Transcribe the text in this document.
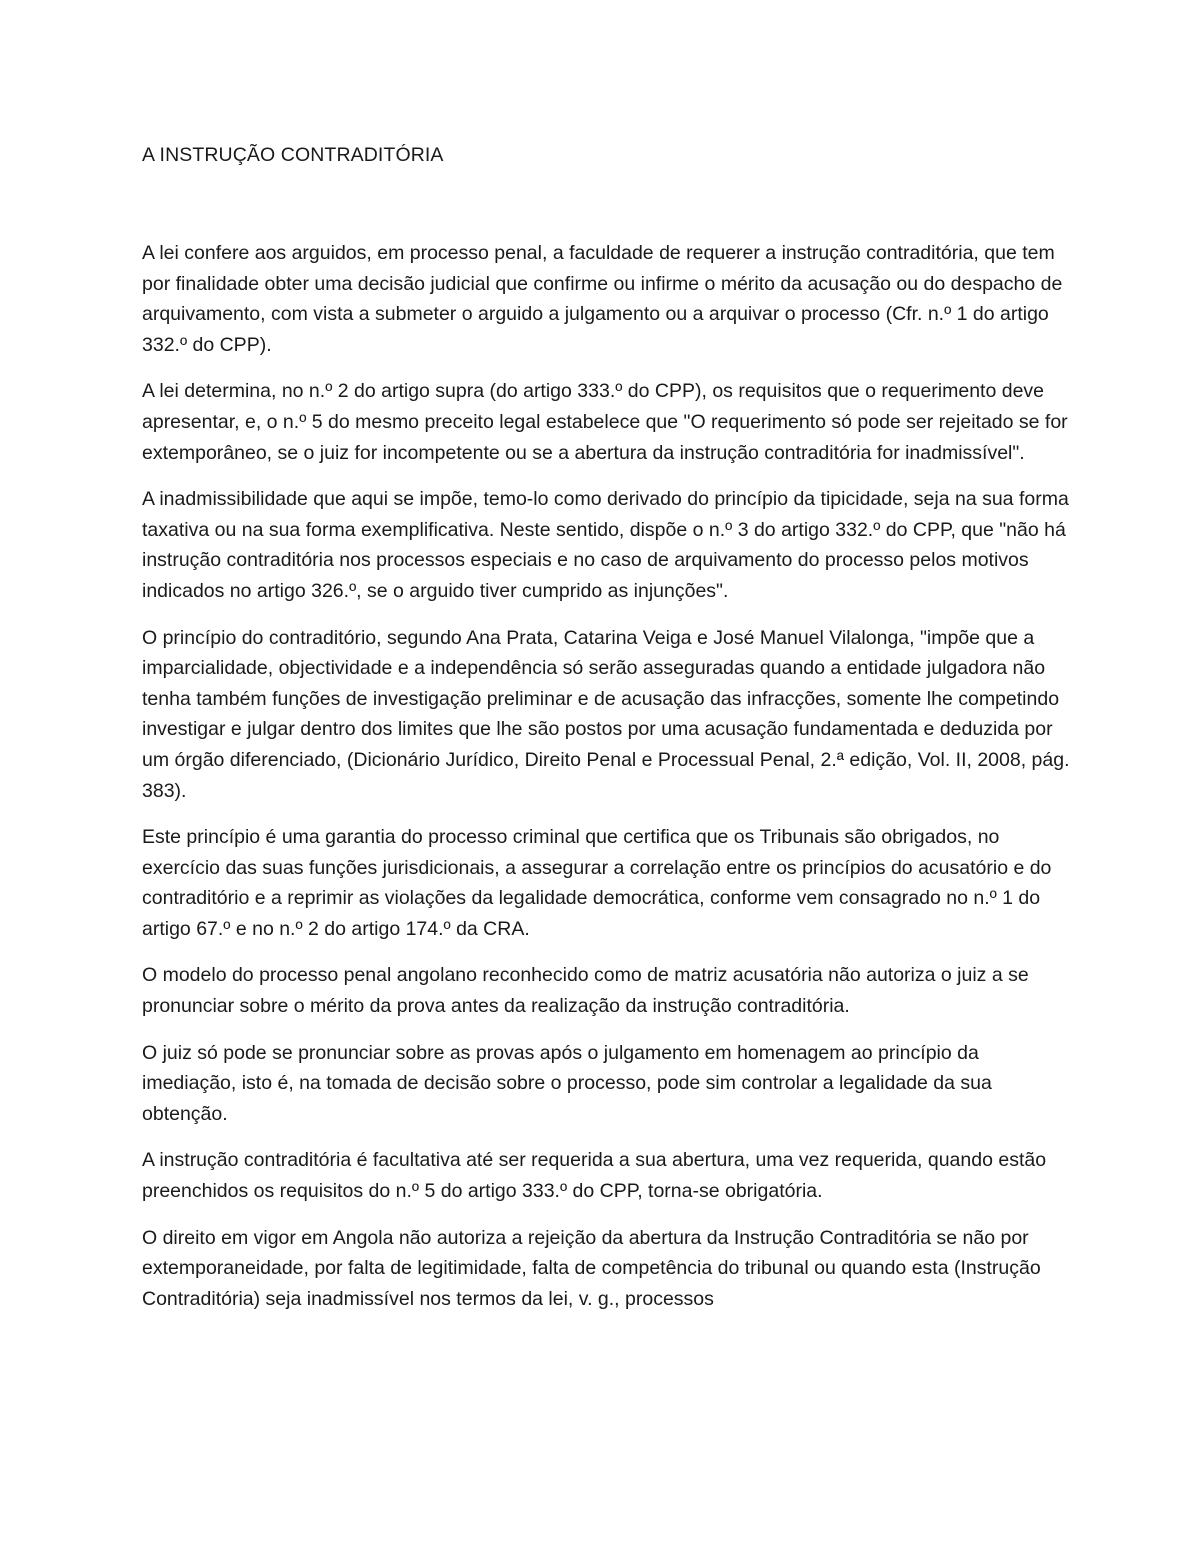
A INSTRUÇÃO CONTRADITÓRIA

A lei confere aos arguidos, em processo penal, a faculdade de requerer a instrução contraditória, que tem por finalidade obter uma decisão judicial que confirme ou infirme o mérito da acusação ou do despacho de arquivamento, com vista a submeter o arguido a julgamento ou a arquivar o processo (Cfr. n.º 1 do artigo 332.º do CPP).

A lei determina, no n.º 2 do artigo supra (do artigo 333.º do CPP), os requisitos que o requerimento deve apresentar, e, o n.º 5 do mesmo preceito legal estabelece que "O requerimento só pode ser rejeitado se for extemporâneo, se o juiz for incompetente ou se a abertura da instrução contraditória for inadmissível".

A inadmissibilidade que aqui se impõe, temo-lo como derivado do princípio da tipicidade, seja na sua forma taxativa ou na sua forma exemplificativa. Neste sentido, dispõe o n.º 3 do artigo 332.º do CPP, que "não há instrução contraditória nos processos especiais e no caso de arquivamento do processo pelos motivos indicados no artigo 326.º, se o arguido tiver cumprido as injunções".

O princípio do contraditório, segundo Ana Prata, Catarina Veiga e José Manuel Vilalonga, "impõe que a imparcialidade, objectividade e a independência só serão asseguradas quando a entidade julgadora não tenha também funções de investigação preliminar e de acusação das infracções, somente lhe competindo investigar e julgar dentro dos limites que lhe são postos por uma acusação fundamentada e deduzida por um órgão diferenciado, (Dicionário Jurídico, Direito Penal e Processual Penal, 2.ª edição, Vol. II, 2008, pág. 383).

Este princípio é uma garantia do processo criminal que certifica que os Tribunais são obrigados, no exercício das suas funções jurisdicionais, a assegurar a correlação entre os princípios do acusatório e do contraditório e a reprimir as violações da legalidade democrática, conforme vem consagrado no n.º 1 do artigo 67.º e no n.º 2 do artigo 174.º da CRA.

O modelo do processo penal angolano reconhecido como de matriz acusatória não autoriza o juiz a se pronunciar sobre o mérito da prova antes da realização da instrução contraditória.

O juiz só pode se pronunciar sobre as provas após o julgamento em homenagem ao princípio da imediação, isto é, na tomada de decisão sobre o processo, pode sim controlar a legalidade da sua obtenção.

A instrução contraditória é facultativa até ser requerida a sua abertura, uma vez requerida, quando estão preenchidos os requisitos do n.º 5 do artigo 333.º do CPP, torna-se obrigatória.

O direito em vigor em Angola não autoriza a rejeição da abertura da Instrução Contraditória se não por extemporaneidade, por falta de legitimidade, falta de competência do tribunal ou quando esta (Instrução Contraditória) seja inadmissível nos termos da lei, v. g., processos
